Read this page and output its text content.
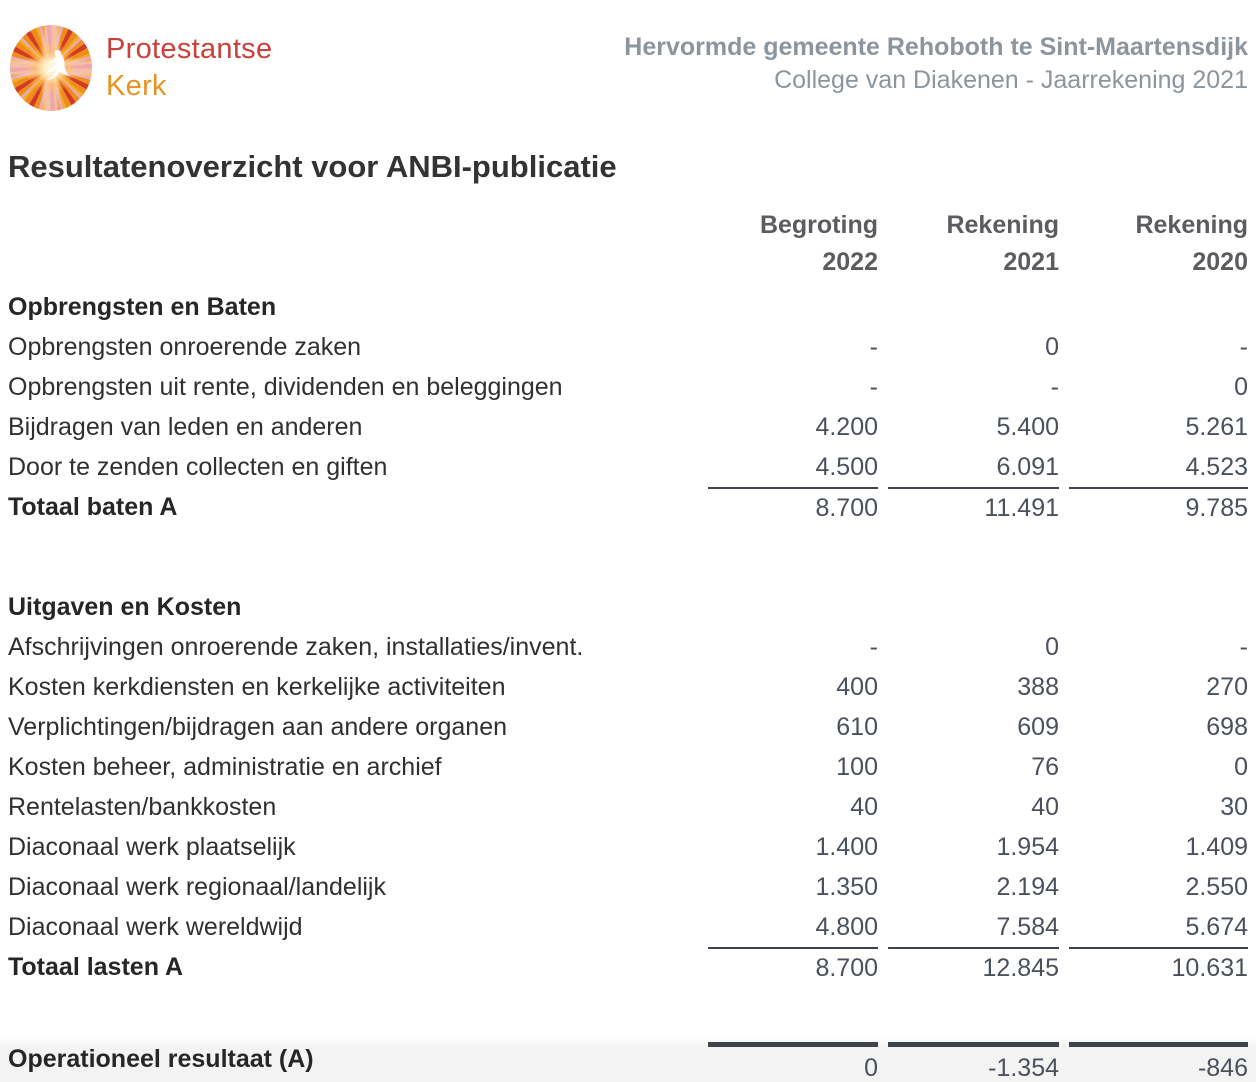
Protestantse
Kerk
Hervormde gemeente Rehoboth te Sint-Maartensdijk
College van Diakenen - Jaarrekening 2021
Resultatenoverzicht voor ANBI-publicatie
Begroting
2022
Rekening
2021
Rekening
2020
Opbrengsten en Baten
Opbrengsten onroerende zaken	-	0	-
Opbrengsten uit rente, dividenden en beleggingen	-	-	0
Bijdragen van leden en anderen	4.200	5.400	5.261
Door te zenden collecten en giften	4.500	6.091	4.523
Totaal baten A	8.700	11.491	9.785
Uitgaven en Kosten
Afschrijvingen onroerende zaken, installaties/invent.	-	0	-
Kosten kerkdiensten en kerkelijke activiteiten	400	388	270
Verplichtingen/bijdragen aan andere organen	610	609	698
Kosten beheer, administratie en archief	100	76	0
Rentelasten/bankkosten	40	40	30
Diaconaal werk plaatselijk	1.400	1.954	1.409
Diaconaal werk regionaal/landelijk	1.350	2.194	2.550
Diaconaal werk wereldwijd	4.800	7.584	5.674
Totaal lasten A	8.700	12.845	10.631
Operationeel resultaat (A)	0	-1.354	-846
